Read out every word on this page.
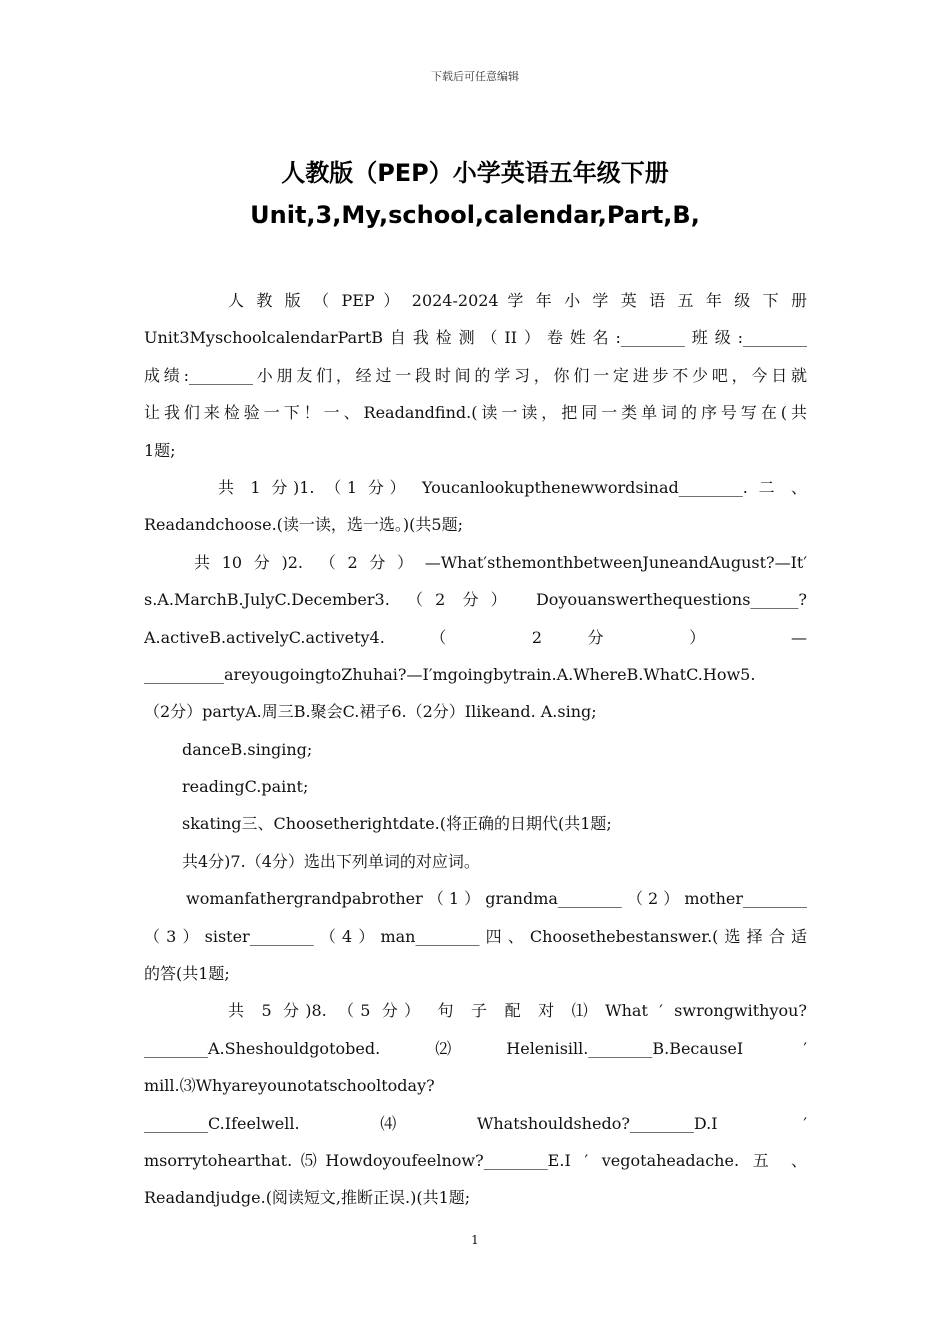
下载后可任意编辑
人教版（PEP）小学英语五年级下册
Unit,3,My,school,calendar,Part,B,
人 教 版 （ PEP ） 2024-2024 学 年 小 学 英 语 五 年 级 下 册
Unit3MyschoolcalendarPartB自我检测（II）卷姓名:________班级:________
成绩:________小朋友们，经过一段时间的学习，你们一定进步不少吧，今日就
让我们来检验一下！一、Readandfind.(读一读，把同一类单词的序号写在(共
1题;
共 1 分)1. （1 分） Youcanlookupthenewwordsinad________. 二 、
Readandchoose.(读一读，选一选。)(共5题;
共10分)2. （2分）—What′sthemonthbetweenJuneandAugust?—It′
s.A.MarchB.JulyC.December3. （2 分） Doyouanswerthequestions______?
A.activeB.activelyC.activety4. （ 2 分 ） —
__________areyougoingtoZhuhai?—I′mgoingbytrain.A.WhereB.WhatC.How5.
（2分）partyA.周三B.聚会C.裙子6.（2分）Ilikeand. A.sing;
danceB.singing;
readingC.paint;
skating三、Choosetherightdate.(将正确的日期代(共1题;
共4分)7.（4分）选出下列单词的对应词。
womanfathergrandpabrother（1）grandma________（2）mother________
（3）sister________（4）man________四、Choosethebestanswer.(选择合适
的答(共1题;
共 5 分)8. （5 分） 句 子 配 对 ⑴ What ′ swrongwithyou?
________A.Sheshouldgotobed.⑵Helenisill.________B.BecauseI ′
mill.⑶Whyareyounotatschooltoday?
________C.Ifeelwell.⑷Whatshouldshedo?________D.I ′
msorrytohearthat.⑸Howdoyoufeelnow?________E.I ′ vegotaheadache. 五 、
Readandjudge.(阅读短文,推断正误.)(共1题;
1
